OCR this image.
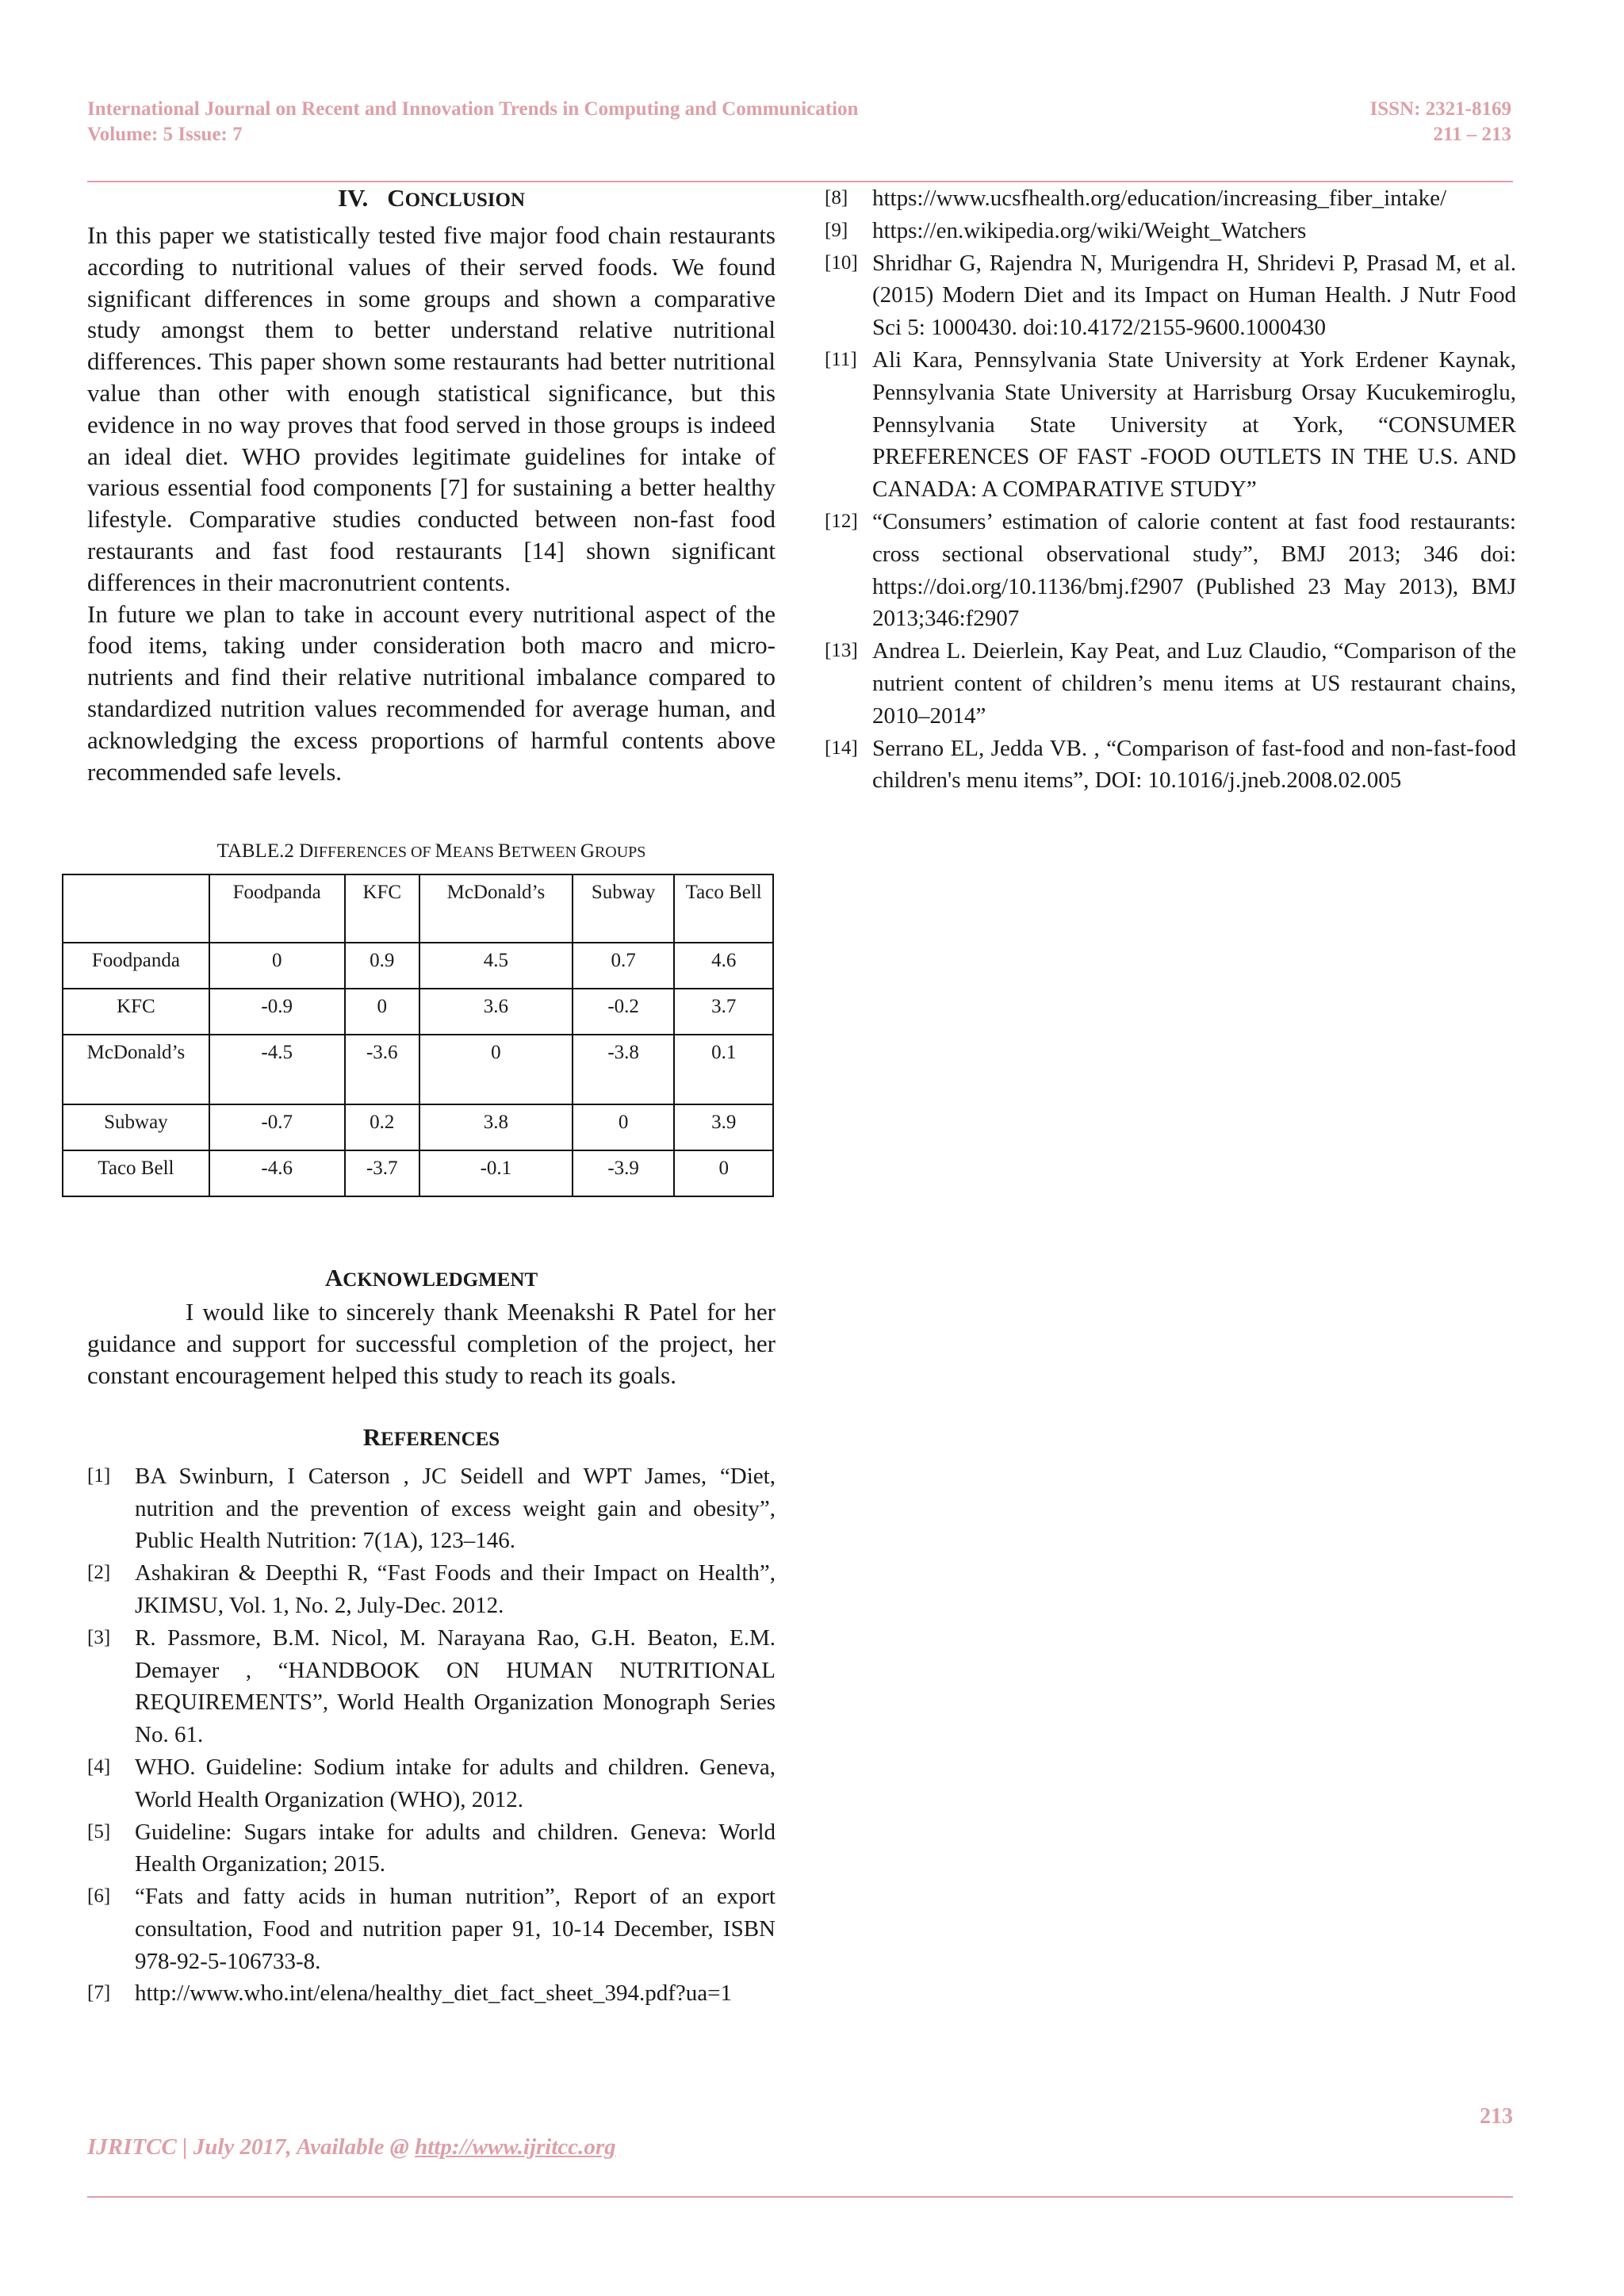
International Journal on Recent and Innovation Trends in Computing and Communication
Volume: 5 Issue: 7
ISSN: 2321-8169
211 – 213
IV. CONCLUSION

In this paper we statistically tested five major food chain restaurants according to nutritional values of their served foods. We found significant differences in some groups and shown a comparative study amongst them to better understand relative nutritional differences. This paper shown some restaurants had better nutritional value than other with enough statistical significance, but this evidence in no way proves that food served in those groups is indeed an ideal diet. WHO provides legitimate guidelines for intake of various essential food components [7] for sustaining a better healthy lifestyle. Comparative studies conducted between non-fast food restaurants and fast food restaurants [14] shown significant differences in their macronutrient contents.

In future we plan to take in account every nutritional aspect of the food items, taking under consideration both macro and micro-nutrients and find their relative nutritional imbalance compared to standardized nutrition values recommended for average human, and acknowledging the excess proportions of harmful contents above recommended safe levels.

TABLE.2 DIFFERENCES OF MEANS BETWEEN GROUPS

	Foodpanda	KFC	McDonald’s	Subway	Taco Bell
Foodpanda	0	0.9	4.5	0.7	4.6
KFC	-0.9	0	3.6	-0.2	3.7
McDonald’s	-4.5	-3.6	0	-3.8	0.1
Subway	-0.7	0.2	3.8	0	3.9
Taco Bell	-4.6	-3.7	-0.1	-3.9	0
ACKNOWLEDGMENT

I would like to sincerely thank Meenakshi R Patel for her guidance and support for successful completion of the project, her constant encouragement helped this study to reach its goals.

REFERENCES
[1]	BA Swinburn, I Caterson , JC Seidell and WPT James, “Diet, nutrition and the prevention of excess weight gain and obesity”, Public Health Nutrition: 7(1A), 123–146.
[2]	Ashakiran & Deepthi R, “Fast Foods and their Impact on Health”, JKIMSU, Vol. 1, No. 2, July-Dec. 2012.
[3]	R. Passmore, B.M. Nicol, M. Narayana Rao, G.H. Beaton, E.M. Demayer , “HANDBOOK ON HUMAN NUTRITIONAL REQUIREMENTS”, World Health Organization Monograph Series No. 61.
[4]	WHO. Guideline: Sodium intake for adults and children. Geneva, World Health Organization (WHO), 2012.
[5]	Guideline: Sugars intake for adults and children. Geneva: World Health Organization; 2015.
[6]	“Fats and fatty acids in human nutrition”, Report of an export consultation, Food and nutrition paper 91, 10-14 December, ISBN 978-92-5-106733-8.
[7]	http://www.who.int/elena/healthy_diet_fact_sheet_394.pdf?ua=1
[8]	https://www.ucsfhealth.org/education/increasing_fiber_intake/
[9]	https://en.wikipedia.org/wiki/Weight_Watchers
[10] Shridhar G, Rajendra N, Murigendra H, Shridevi P, Prasad M, et al. (2015) Modern Diet and its Impact on Human Health. J Nutr Food Sci 5: 1000430. doi:10.4172/2155-9600.1000430
[11] Ali Kara, Pennsylvania State University at York Erdener Kaynak, Pennsylvania State University at Harrisburg Orsay Kucukemiroglu, Pennsylvania State University at York, “CONSUMER PREFERENCES OF FAST -FOOD OUTLETS IN THE U.S. AND CANADA: A COMPARATIVE STUDY”
[12] “Consumers’ estimation of calorie content at fast food restaurants: cross sectional observational study”, BMJ 2013; 346 doi: https://doi.org/10.1136/bmj.f2907 (Published 23 May 2013), BMJ 2013;346:f2907
[13] Andrea L. Deierlein, Kay Peat, and Luz Claudio, “Comparison of the nutrient content of children’s menu items at US restaurant chains, 2010–2014”
[14] Serrano EL, Jedda VB. , “Comparison of fast-food and non-fast-food children's menu items”, DOI: 10.1016/j.jneb.2008.02.005
213
IJRITCC | July 2017, Available @ http://www.ijritcc.org
